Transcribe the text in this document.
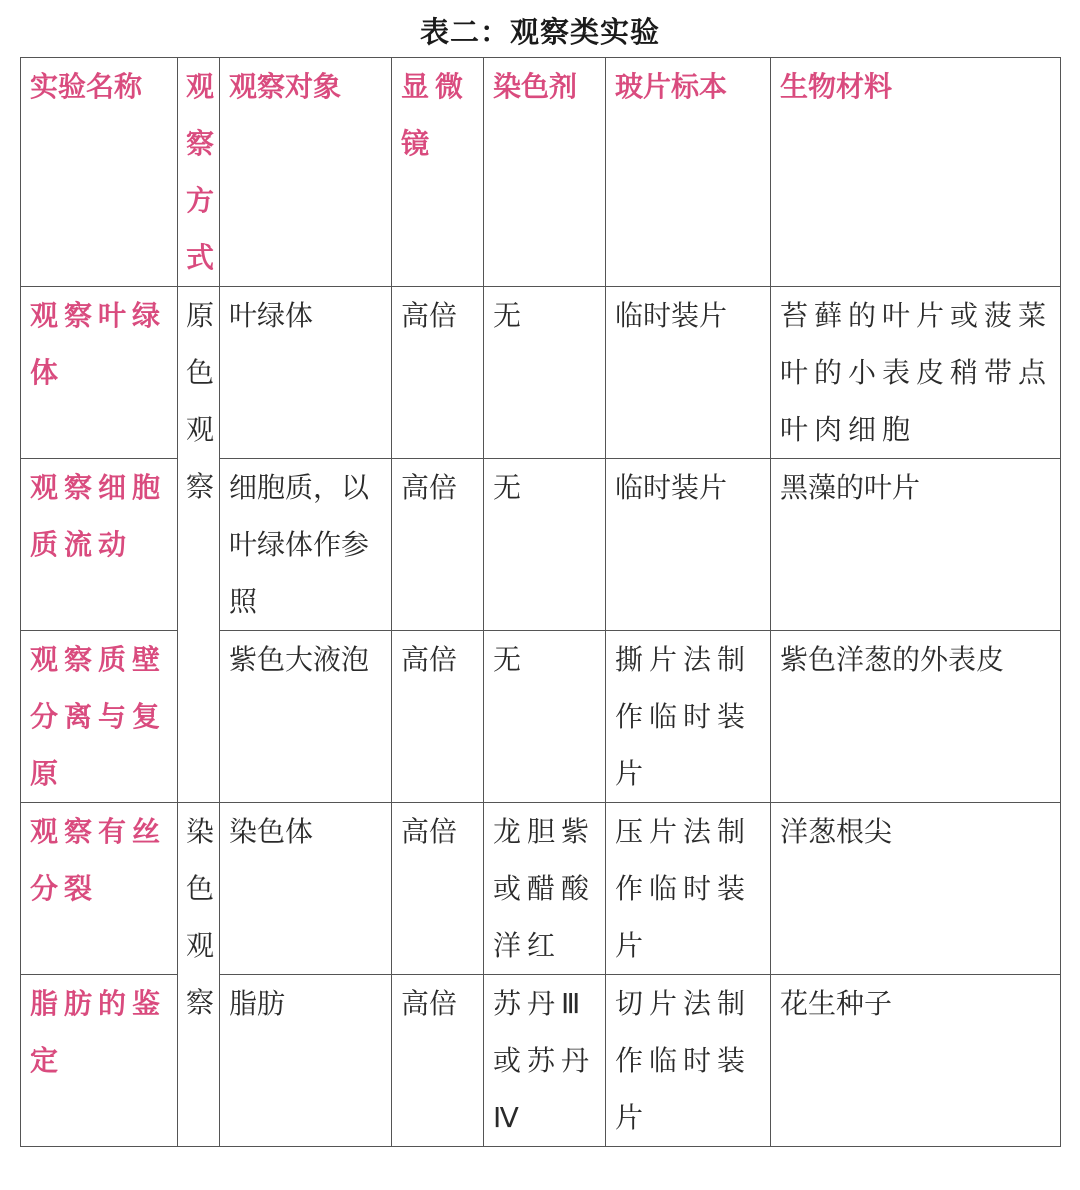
表二：观察类实验
实验名称	观察方式	观察对象	显微镜	染色剂	玻片标本	生物材料

观察叶绿体	原色观察	叶绿体	高倍	无	临时装片	苔藓的叶片或菠菜叶的小表皮稍带点叶肉细胞

观察细胞质流动		细胞质，以叶绿体作参照	高倍	无	临时装片	黑藻的叶片

观察质壁分离与复原		紫色大液泡	高倍	无	撕片法制作临时装片	紫色洋葱的外表皮

观察有丝分裂	染色观察	染色体	高倍	龙胆紫或醋酸洋红	压片法制作临时装片	洋葱根尖

脂肪的鉴定		脂肪	高倍	苏丹Ⅲ或苏丹Ⅳ	切片法制作临时装片	花生种子
